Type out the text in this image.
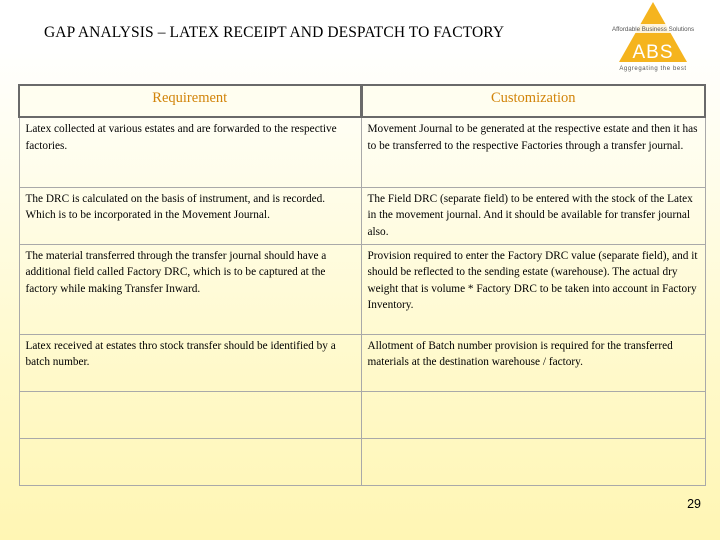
GAP ANALYSIS – LATEX RECEIPT AND DESPATCH TO FACTORY	Affordable Business Solutions
ABS
Aggregating the best
Requirement	Customization
Latex collected at various estates and are forwarded to the respective factories.	Movement Journal to be generated at the respective estate and then it has to be transferred to the respective Factories through a transfer journal.
The DRC is calculated on the basis of instrument, and is recorded. Which is to be incorporated in the Movement Journal.	The Field DRC (separate field) to be entered with the stock of the Latex in the movement journal. And it should be available for transfer journal also.
The material transferred through the transfer journal should have a additional field called Factory DRC, which is to be captured at the factory while making Transfer Inward.	Provision required to enter the Factory DRC value (separate field), and it should be reflected to the sending estate (warehouse). The actual dry weight that is volume * Factory DRC to be taken into account in Factory Inventory.
Latex received at estates thro stock transfer should be identified by a batch number.	Allotment of Batch number provision is required for the transferred materials at the destination warehouse / factory.

29
